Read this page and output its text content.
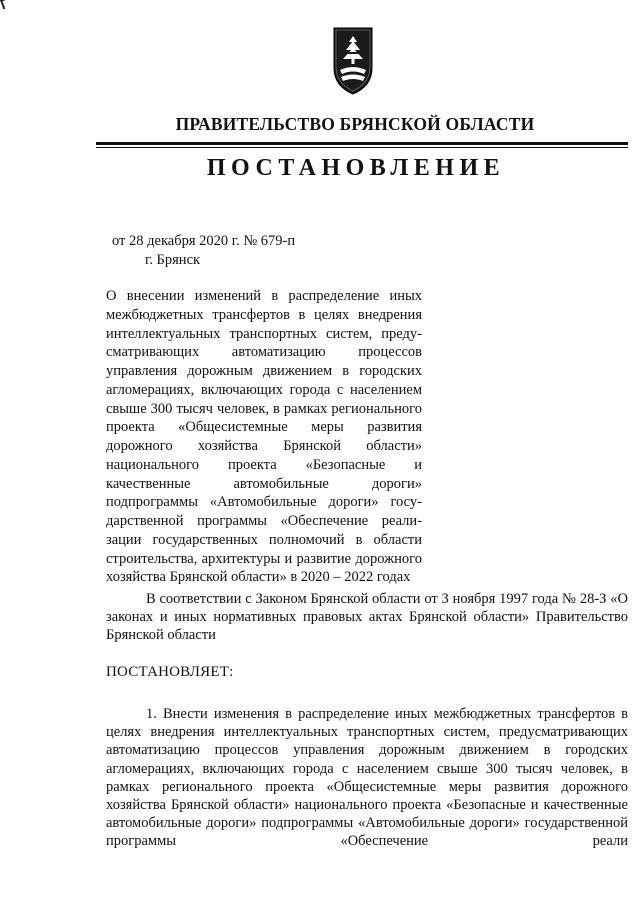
ПРАВИТЕЛЬСТВО БРЯНСКОЙ ОБЛАСТИ
ПОСТАНОВЛЕНИЕ
от 28 декабря 2020 г. № 679-п
г. Брянск

О внесении изменений в распределение иных межбюджетных трансфертов в целях внедрения интеллектуальных транспортных систем, предусматривающих автоматизацию процессов управления дорожным движением в городских агломерациях, включающих города с населением свыше 300 тысяч человек, в рамках регионального проекта «Общесистемные меры развития дорожного хозяйства Брянской области» национального проекта «Безопасные и качественные автомобильные дороги» подпрограммы «Автомобильные дороги» государственной программы «Обеспечение реализации государственных полномочий в области строительства, архитектуры и развитие дорожного хозяйства Брянской области» в 2020 – 2022 годах

В соответствии с Законом Брянской области от 3 ноября 1997 года № 28-З «О законах и иных нормативных правовых актах Брянской области» Правительство Брянской области

ПОСТАНОВЛЯЕТ:

1. Внести изменения в распределение иных межбюджетных трансфертов в целях внедрения интеллектуальных транспортных систем, предусматривающих автоматизацию процессов управления дорожным движением в городских агломерациях, включающих города с населением свыше 300 тысяч человек, в рамках регионального проекта «Общесистемные меры развития дорожного хозяйства Брянской области» национального проекта «Безопасные и качественные автомобильные дороги» подпрограммы «Автомобильные дороги» государственной программы «Обеспечение реали
